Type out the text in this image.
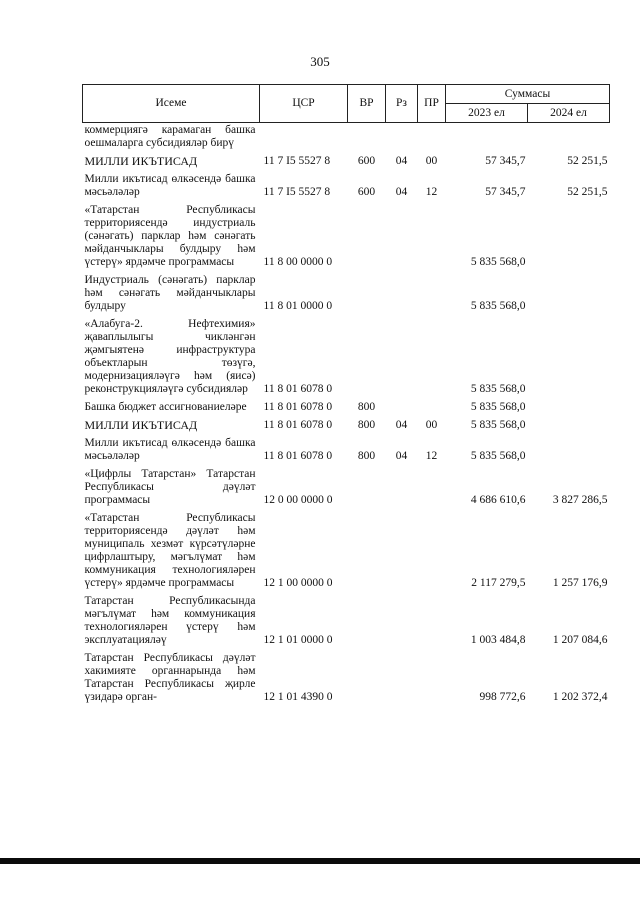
305
Исеме	ЦСР	ВР	Рз	ПР	Суммасы	
					2023 ел	2024 ел
коммерциягә карамаган башка оешмаларга субсидияләр бирү						
МИЛЛИ ИКЪТИСАД	11 7 I5 5527 8	600	04	00	57 345,7	52 251,5
Милли икътисад өлкәсендә башка мәсьәләләр	11 7 I5 5527 8	600	04	12	57 345,7	52 251,5
«Татарстан Республикасы территориясендә индустриаль (сәнәгать) парклар һәм сәнәгать мәйданчыклары булдыру һәм үстерү» ярдәмче программасы	11 8 00 0000 0				5 835 568,0	
Индустриаль (сәнәгать) парклар һәм сәнәгать мәйданчыклары булдыру	11 8 01 0000 0				5 835 568,0	
«Алабуга-2. Нефтехимия» җаваплылыгы чикләнгән җәмгыятенә инфраструктура объектларын төзүгә, модернизацияләүгә һәм (яисә) реконструкцияләүгә субсидияләр	11 8 01 6078 0				5 835 568,0	
Башка бюджет ассигнованиеләре	11 8 01 6078 0	800			5 835 568,0	
МИЛЛИ ИКЪТИСАД	11 8 01 6078 0	800	04	00	5 835 568,0	
Милли икътисад өлкәсендә башка мәсьәләләр	11 8 01 6078 0	800	04	12	5 835 568,0	
«Цифрлы Татарстан» Татарстан Республикасы дәүләт программасы	12 0 00 0000 0				4 686 610,6	3 827 286,5
«Татарстан Республикасы территориясендә дәүләт һәм муниципаль хезмәт күрсәтүләрне цифрлаштыру, мәгълүмат һәм коммуникация технологияләрен үстерү» ярдәмче программасы	12 1 00 0000 0				2 117 279,5	1 257 176,9
Татарстан Республикасында мәгълүмат һәм коммуникация технологияләрен үстерү һәм эксплуатацияләү	12 1 01 0000 0				1 003 484,8	1 207 084,6
Татарстан Республикасы дәүләт хакимияте органнарында һәм Татарстан Республикасы җирле үзидарә орган-	12 1 01 4390 0				998 772,6	1 202 372,4
